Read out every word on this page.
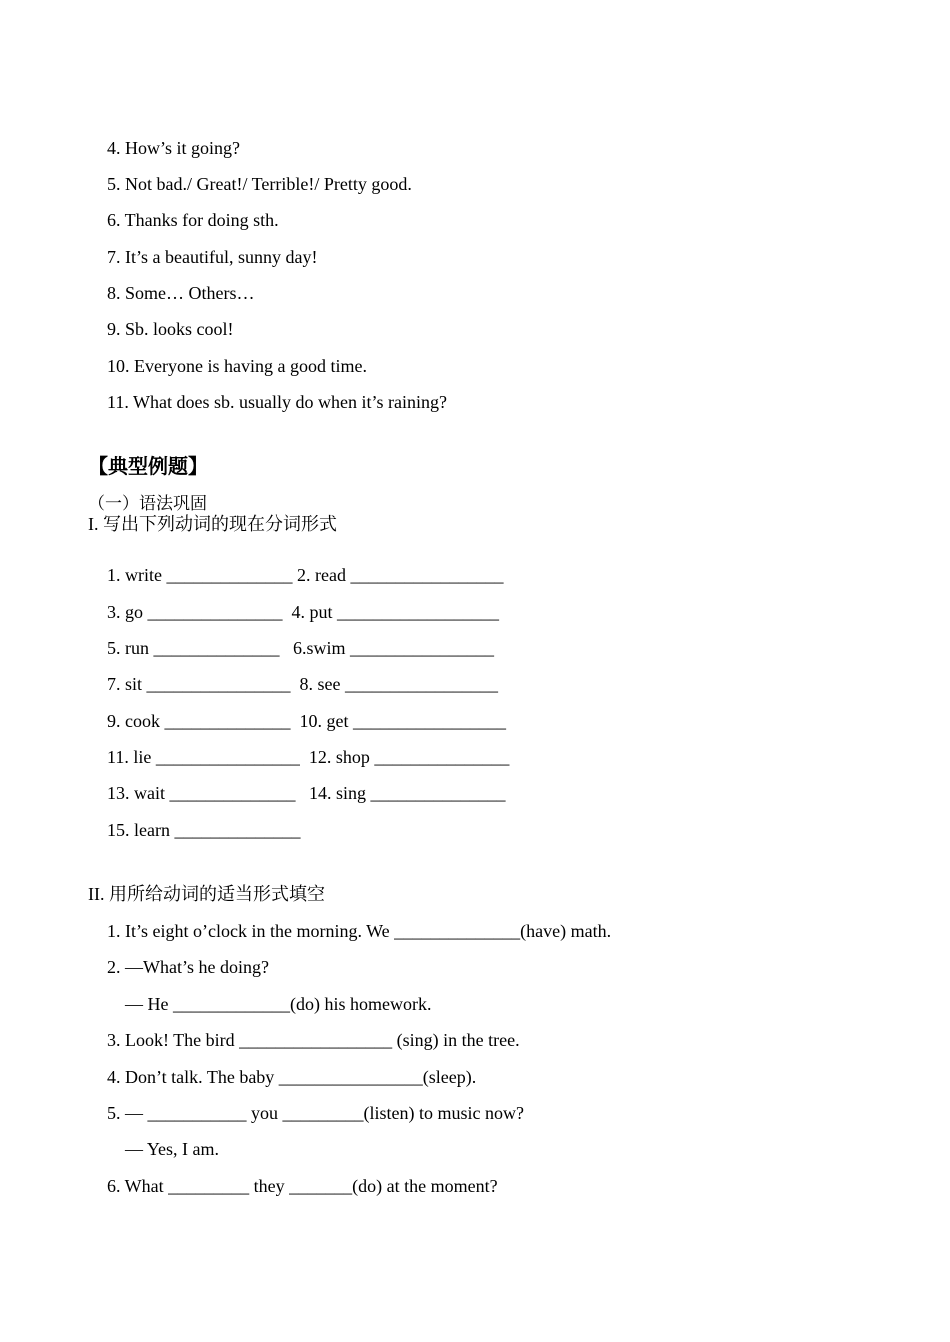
4. How’s it going?
5. Not bad./ Great!/ Terrible!/ Pretty good.
6. Thanks for doing sth.
7. It’s a beautiful, sunny day!
8. Some… Others…
9. Sb. looks cool!
10. Everyone is having a good time.
11. What does sb. usually do when it’s raining?
【典型例题】
（一）语法巩固
I. 写出下列动词的现在分词形式
1. write ______________ 2. read _________________
3. go _______________  4. put __________________
5. run ______________   6.swim ________________
7. sit ________________  8. see _________________
9. cook ______________  10. get _________________
11. lie ________________  12. shop _______________
13. wait ______________   14. sing _______________
15. learn ______________
II. 用所给动词的适当形式填空
1. It’s eight o’clock in the morning. We ______________(have) math.
2. —What’s he doing?
— He _____________(do) his homework.
3. Look! The bird _________________ (sing) in the tree.
4. Don’t talk. The baby ________________(sleep).
5. — ___________ you _________(listen) to music now?
— Yes, I am.
6. What _________ they _______(do) at the moment?
